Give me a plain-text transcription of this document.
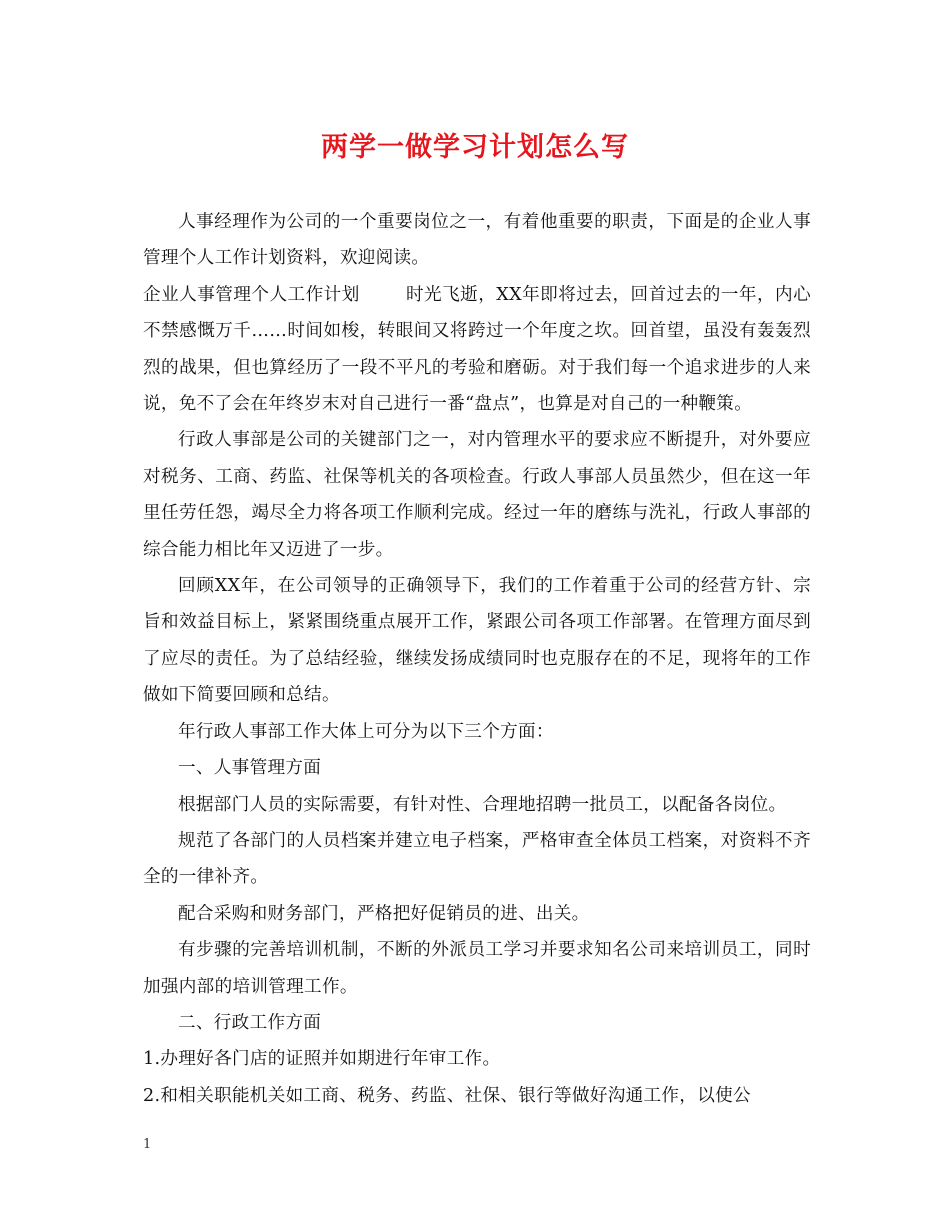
两学一做学习计划怎么写

人事经理作为公司的一个重要岗位之一，有着他重要的职责，下面是的企业人事管理个人工作计划资料，欢迎阅读。

企业人事管理个人工作计划	时光飞逝，XX年即将过去，回首过去的一年，内心不禁感慨万千……时间如梭，转眼间又将跨过一个年度之坎。回首望，虽没有轰轰烈烈的战果，但也算经历了一段不平凡的考验和磨砺。对于我们每一个追求进步的人来说，免不了会在年终岁末对自己进行一番“盘点”，也算是对自己的一种鞭策。

行政人事部是公司的关键部门之一，对内管理水平的要求应不断提升，对外要应对税务、工商、药监、社保等机关的各项检查。行政人事部人员虽然少，但在这一年里任劳任怨，竭尽全力将各项工作顺利完成。经过一年的磨练与洗礼，行政人事部的综合能力相比年又迈进了一步。

回顾XX年，在公司领导的正确领导下，我们的工作着重于公司的经营方针、宗旨和效益目标上，紧紧围绕重点展开工作，紧跟公司各项工作部署。在管理方面尽到了应尽的责任。为了总结经验，继续发扬成绩同时也克服存在的不足，现将年的工作做如下简要回顾和总结。

年行政人事部工作大体上可分为以下三个方面：

一、人事管理方面

根据部门人员的实际需要，有针对性、合理地招聘一批员工，以配备各岗位。

规范了各部门的人员档案并建立电子档案，严格审查全体员工档案，对资料不齐全的一律补齐。

配合采购和财务部门，严格把好促销员的进、出关。

有步骤的完善培训机制，不断的外派员工学习并要求知名公司来培训员工，同时加强内部的培训管理工作。

二、行政工作方面

1.办理好各门店的证照并如期进行年审工作。

2.和相关职能机关如工商、税务、药监、社保、银行等做好沟通工作，以使公

1
